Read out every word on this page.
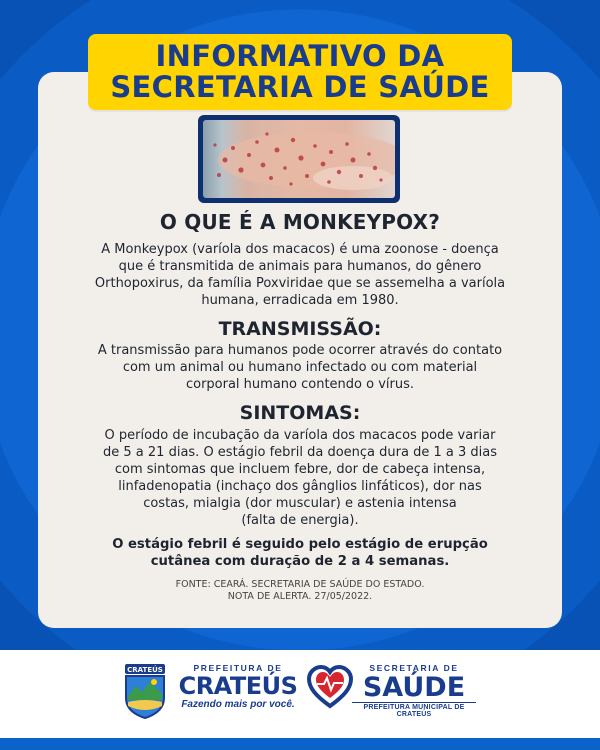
INFORMATIVO DA
SECRETARIA DE SAÚDE
O QUE É A MONKEYPOX?
A Monkeypox (varíola dos macacos) é uma zoonose - doença
que é transmitida de animais para humanos, do gênero
Orthopoxirus, da família Poxviridae que se assemelha a varíola
humana, erradicada em 1980.
TRANSMISSÃO:
A transmissão para humanos pode ocorrer através do contato
com um animal ou humano infectado ou com material
corporal humano contendo o vírus.
SINTOMAS:
O período de incubação da varíola dos macacos pode variar
de 5 a 21 dias. O estágio febril da doença dura de 1 a 3 dias
com sintomas que incluem febre, dor de cabeça intensa,
linfadenopatia (inchaço dos gânglios linfáticos), dor nas
costas, mialgia (dor muscular) e astenia intensa
(falta de energia).
O estágio febril é seguido pelo estágio de erupção
cutânea com duração de 2 a 4 semanas.
FONTE: CEARÁ. SECRETARIA DE SAÚDE DO ESTADO.
NOTA DE ALERTA. 27/05/2022.
CRATEÚS	PREFEITURA DE
CRATEÚS
Fazendo mais por você.
SECRETARIA DE
SAÚDE
PREFEITURA MUNICIPAL DE CRATEÚS
